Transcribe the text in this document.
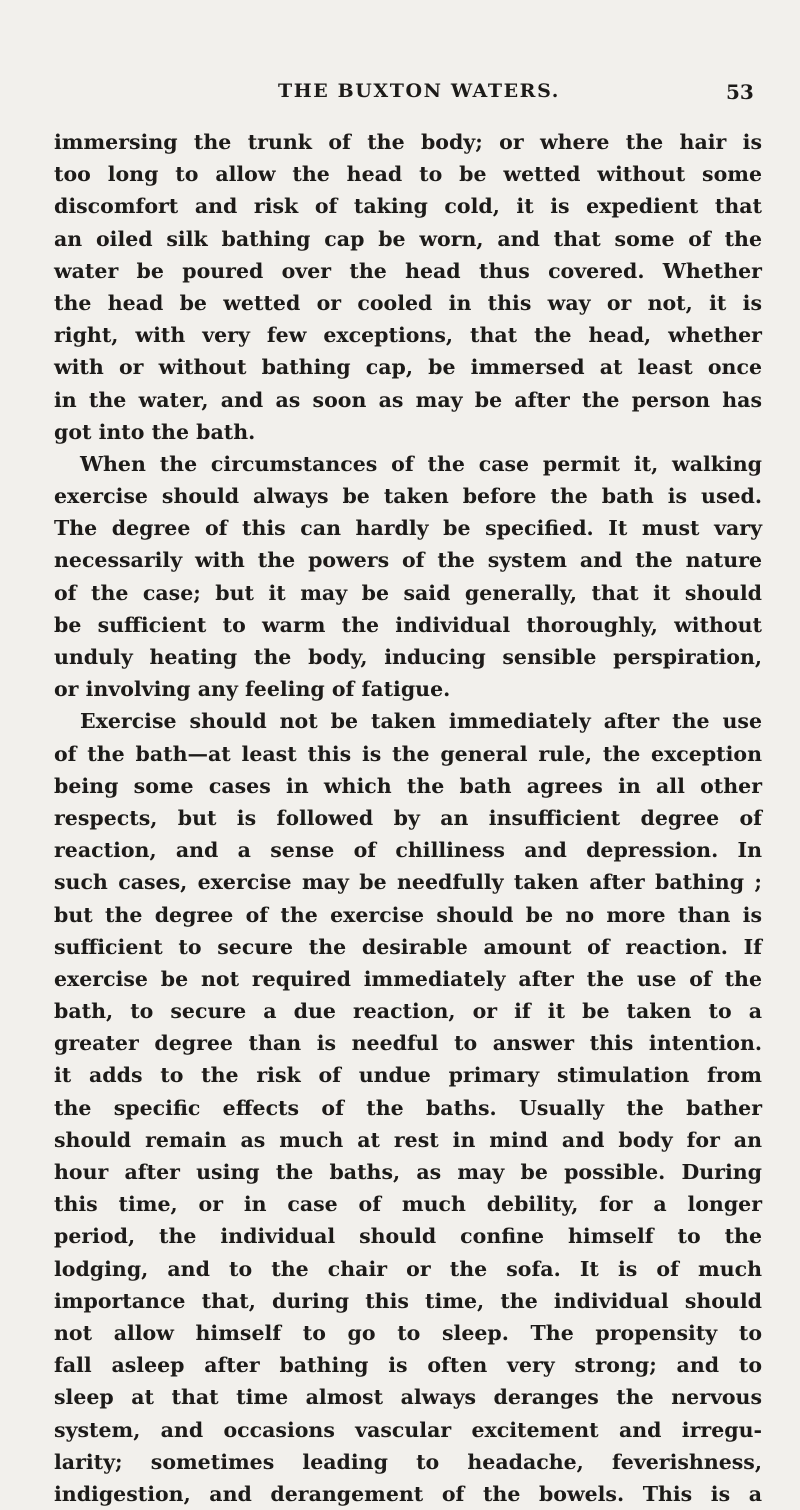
THE BUXTON WATERS.	53
immersing the trunk of the body; or where the hair is
too long to allow the head to be wetted without some
discomfort and risk of taking cold, it is expedient that
an oiled silk bathing cap be worn, and that some of the
water be poured over the head thus covered. Whether
the head be wetted or cooled in this way or not, it is
right, with very few exceptions, that the head, whether
with or without bathing cap, be immersed at least once
in the water, and as soon as may be after the person has
got into the bath.
When the circumstances of the case permit it, walking
exercise should always be taken before the bath is used.
The degree of this can hardly be specified. It must vary
necessarily with the powers of the system and the nature
of the case; but it may be said generally, that it should
be sufficient to warm the individual thoroughly, without
unduly heating the body, inducing sensible perspiration,
or involving any feeling of fatigue.
Exercise should not be taken immediately after the use
of the bath—at least this is the general rule, the exception
being some cases in which the bath agrees in all other
respects, but is followed by an insufficient degree of
reaction, and a sense of chilliness and depression. In
such cases, exercise may be needfully taken after bathing ;
but the degree of the exercise should be no more than is
sufficient to secure the desirable amount of reaction. If
exercise be not required immediately after the use of the
bath, to secure a due reaction, or if it be taken to a
greater degree than is needful to answer this intention.
it adds to the risk of undue primary stimulation from
the specific effects of the baths. Usually the bather
should remain as much at rest in mind and body for an
hour after using the baths, as may be possible. During
this time, or in case of much debility, for a longer
period, the individual should confine himself to the
lodging, and to the chair or the sofa. It is of much
importance that, during this time, the individual should
not allow himself to go to sleep. The propensity to
fall asleep after bathing is often very strong; and to
sleep at that time almost always deranges the nervous
system, and occasions vascular excitement and irregu-
larity; sometimes leading to headache, feverishness,
indigestion, and derangement of the bowels. This is a
